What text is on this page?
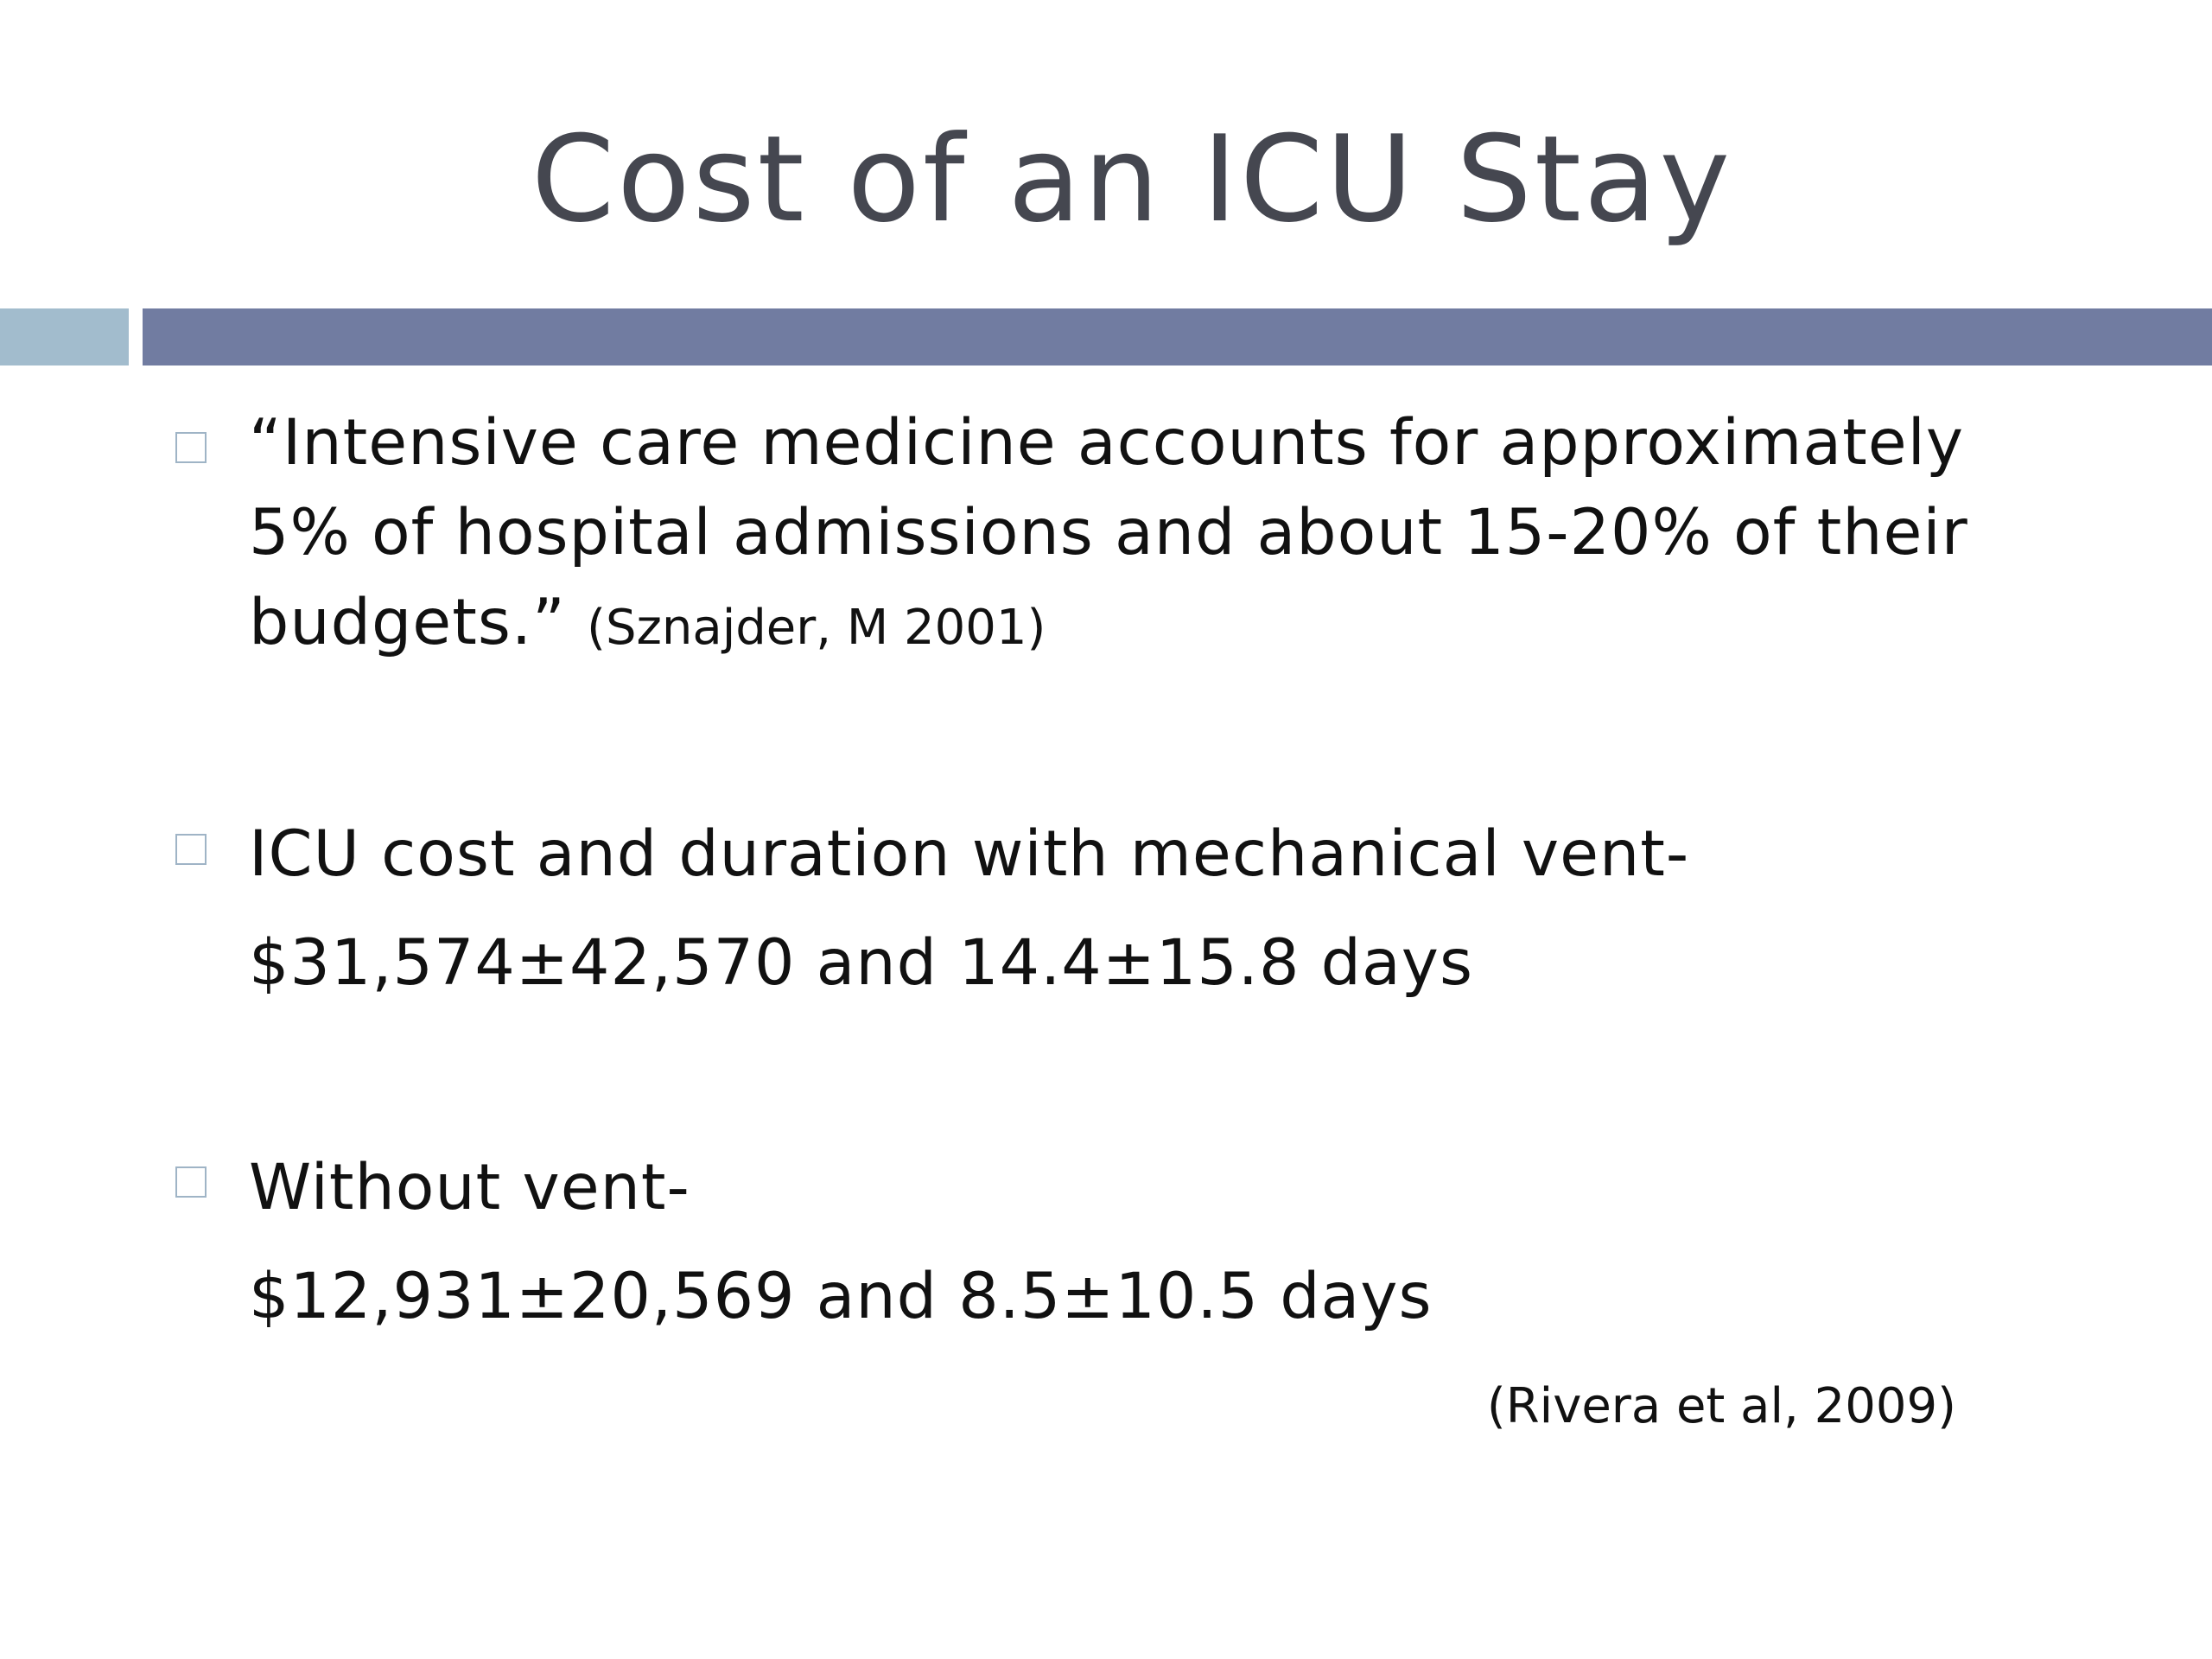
Cost of an ICU Stay
“Intensive care medicine accounts for approximately
5% of hospital admissions and about 15-20% of their
budgets.” (Sznajder, M 2001)
ICU cost and duration with mechanical vent-
$31,574±42,570 and 14.4±15.8 days
Without vent-
$12,931±20,569 and 8.5±10.5 days
(Rivera et al, 2009)
